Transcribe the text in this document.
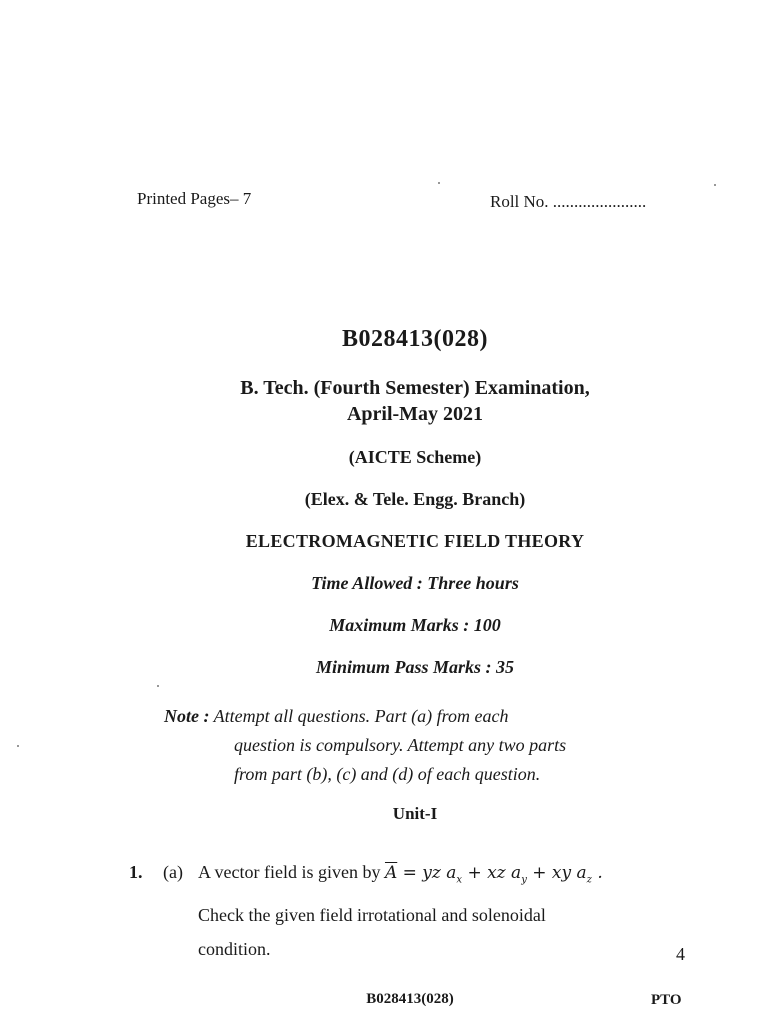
Printed Pages– 7	Roll No. ......................
B028413(028)
B. Tech. (Fourth Semester) Examination,
April-May 2021
(AICTE Scheme)
(Elex. & Tele. Engg. Branch)
ELECTROMAGNETIC FIELD THEORY
Time Allowed : Three hours
Maximum Marks : 100
Minimum Pass Marks : 35
Note : Attempt all questions. Part (a) from each
question is compulsory. Attempt any two parts
from part (b), (c) and (d) of each question.
Unit-I
1. (a) A vector field is given by $\overline{A}$ = yz $a_x$ + xz $a_y$ + xy $a_z$ .
Check the given field irrotational and solenoidal
condition.	4
B028413(028)	PTO
